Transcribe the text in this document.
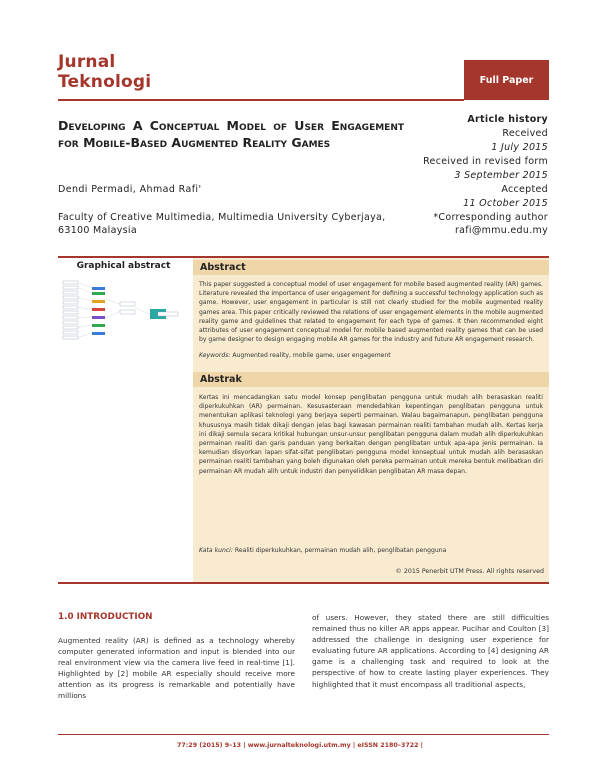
Jurnal
Teknologi	Full Paper
Developing A Conceptual Model of User Engagement for Mobile-Based Augmented Reality Games
Dendi Permadi, Ahmad Rafi'
Faculty of Creative Multimedia, Multimedia University Cyberjaya, 63100 Malaysia
Article history
Received
1 July 2015
Received in revised form
3 September 2015
Accepted
11 October 2015
*Corresponding author
rafi@mmu.edu.my
Graphical abstract	Abstract
This paper suggested a conceptual model of user engagement for mobile based augmented reality (AR) games. Literature revealed the importance of user engagement for defining a successful technology application such as game. However, user engagement in particular is still not clearly studied for the mobile augmented reality games area. This paper critically reviewed the relations of user engagement elements in the mobile augmented reality game and guidelines that related to engagement for each type of games. It then recommended eight attributes of user engagement conceptual model for mobile based augmented reality games that can be used by game designer to design engaging mobile AR games for the industry and future AR engagement research.
Keywords: Augmented reality, mobile game, user engagement
Abstrak
Kertas ini mencadangkan satu model konsep penglibatan pengguna untuk mudah alih berasaskan realiti diperkukuhkan (AR) permainan. Kesusasteraan mendedahkan kepentingan penglibatan pengguna untuk menentukan aplikasi teknologi yang berjaya seperti permainan. Walau bagaimanapun, penglibatan pengguna khususnya masih tidak dikaji dengan jelas bagi kawasan permainan realiti tambahan mudah alih. Kertas kerja ini dikaji semula secara kritikal hubungan unsur-unsur penglibatan pengguna dalam mudah alih diperkukuhkan permainan realiti dan garis panduan yang berkaitan dengan penglibatan untuk apa-apa jenis permainan. Ia kemudian disyorkan lapan sifat-sifat penglibatan pengguna model konseptual untuk mudah alih berasaskan permainan realiti tambahan yang boleh digunakan oleh pereka permainan untuk mereka bentuk melibatkan diri permainan AR mudah alih untuk industri dan penyelidikan penglibatan AR masa depan.
Kata kunci: Realiti diperkukuhkan, permainan mudah alih, penglibatan pengguna
© 2015 Penerbit UTM Press. All rights reserved
1.0 INTRODUCTION
Augmented reality (AR) is defined as a technology whereby computer generated information and input is blended into our real environment view via the camera live feed in real-time [1]. Highlighted by [2] mobile AR especially should receive more attention as its progress is remarkable and potentially have millions
of users. However, they stated there are still difficulties remained thus no killer AR apps appear. Pucihar and Coulton [3] addressed the challenge in designing user experience for evaluating future AR applications. According to [4] designing AR game is a challenging task and required to look at the perspective of how to create lasting player experiences. They highlighted that it must encompass all traditional aspects,
77:29 (2015) 9–13 | www.jurnalteknologi.utm.my | eISSN 2180–3722 |
